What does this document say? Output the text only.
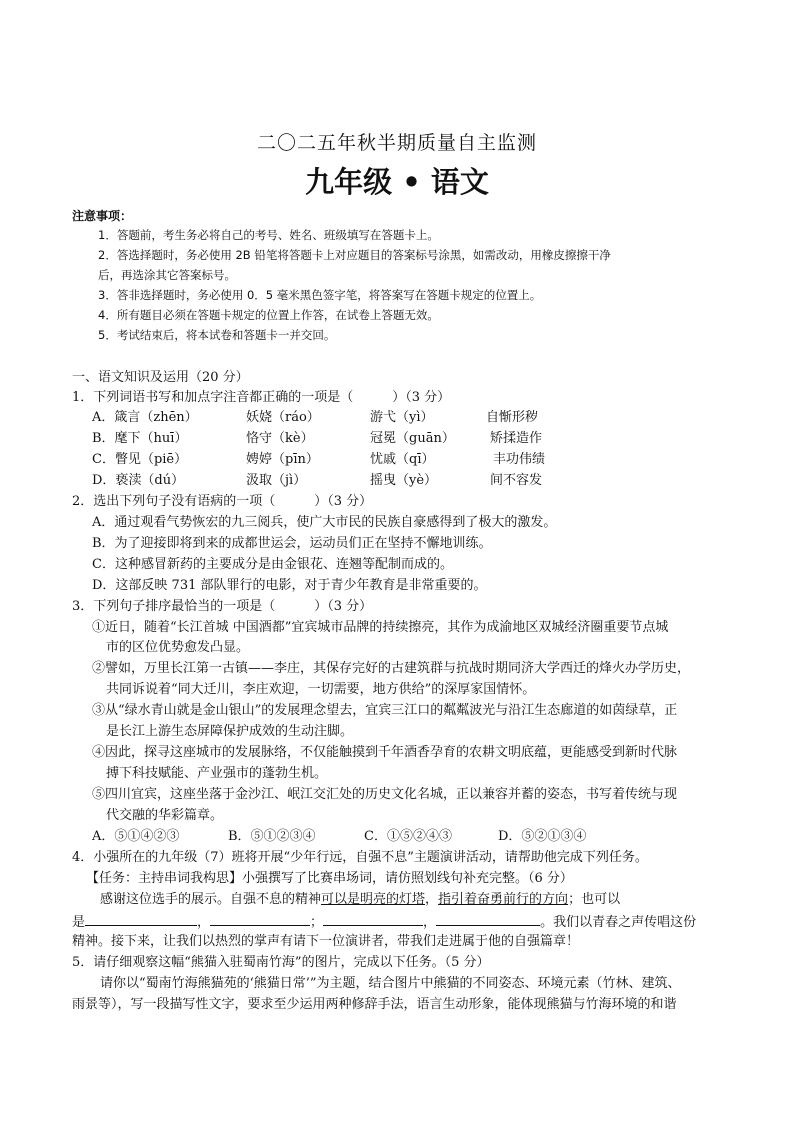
二〇二五年秋半期质量自主监测
九年级 • 语文
注意事项：
1．答题前，考生务必将自己的考号、姓名、班级填写在答题卡上。
2．答选择题时，务必使用 2B 铅笔将答题卡上对应题目的答案标号涂黑，如需改动，用橡皮擦擦干净
后，再选涂其它答案标号。
3．答非选择题时，务必使用 0．5 毫米黑色签字笔，将答案写在答题卡规定的位置上。
4．所有题目必须在答题卡规定的位置上作答，在试卷上答题无效。
5．考试结束后，将本试卷和答题卡一并交回。
一、语文知识及运用（20 分）
1．下列词语书写和加点字注音都正确的一项是（　　　）（3 分）
A．箴言（zhēn）	妖娆（ráo）	游弋（yì）	自惭形秽
B．麾下（huī）	恪守（kè）	冠冕（guān）	矫揉造作
C．瞥见（piē）	娉婷（pīn）	忧戚（qī）	丰功伟绩
D．亵渎（dú）	汲取（jì）	摇曳（yè）	间不容发
2．选出下列句子没有语病的一项（　　　）（3 分）
A．通过观看气势恢宏的九三阅兵，使广大市民的民族自豪感得到了极大的激发。
B．为了迎接即将到来的成都世运会，运动员们正在坚持不懈地训练。
C．这种感冒新药的主要成分是由金银花、连翘等配制而成的。
D．这部反映 731 部队罪行的电影，对于青少年教育是非常重要的。
3．下列句子排序最恰当的一项是（　　　）（3 分）
①近日，随着“长江首城 中国酒都”宜宾城市品牌的持续擦亮，其作为成渝地区双城经济圈重要节点城
市的区位优势愈发凸显。
②譬如，万里长江第一古镇——李庄，其保存完好的古建筑群与抗战时期同济大学西迁的烽火办学历史，
共同诉说着“同大迁川，李庄欢迎，一切需要，地方供给”的深厚家国情怀。
③从“绿水青山就是金山银山”的发展理念望去，宜宾三江口的粼粼波光与沿江生态廊道的如茵绿草，正
是长江上游生态屏障保护成效的生动注脚。
④因此，探寻这座城市的发展脉络，不仅能触摸到千年酒香孕育的农耕文明底蕴，更能感受到新时代脉
搏下科技赋能、产业强市的蓬勃生机。
⑤四川宜宾，这座坐落于金沙江、岷江交汇处的历史文化名城，正以兼容并蓄的姿态，书写着传统与现
代交融的华彩篇章。
A．⑤①④②③	B．⑤①②③④	C．①⑤②④③	D．⑤②①③④
4．小强所在的九年级（7）班将开展“少年行远，自强不息”主题演讲活动，请帮助他完成下列任务。
【任务：主持串词我构思】小强撰写了比赛串场词，请仿照划线句补充完整。（6 分）
感谢这位选手的展示。自强不息的精神可以是明亮的灯塔，指引着奋勇前行的方向；也可以
是	，	；	，	。我们以青春之声传唱这份
精神。接下来，让我们以热烈的掌声有请下一位演讲者，带我们走进属于他的自强篇章！
5．请仔细观察这幅“熊猫入驻蜀南竹海”的图片，完成以下任务。（5 分）
请你以“蜀南竹海熊猫苑的‘熊猫日常’”为主题，结合图片中熊猫的不同姿态、环境元素（竹林、建筑、
雨景等），写一段描写性文字，要求至少运用两种修辞手法，语言生动形象，能体现熊猫与竹海环境的和谐
